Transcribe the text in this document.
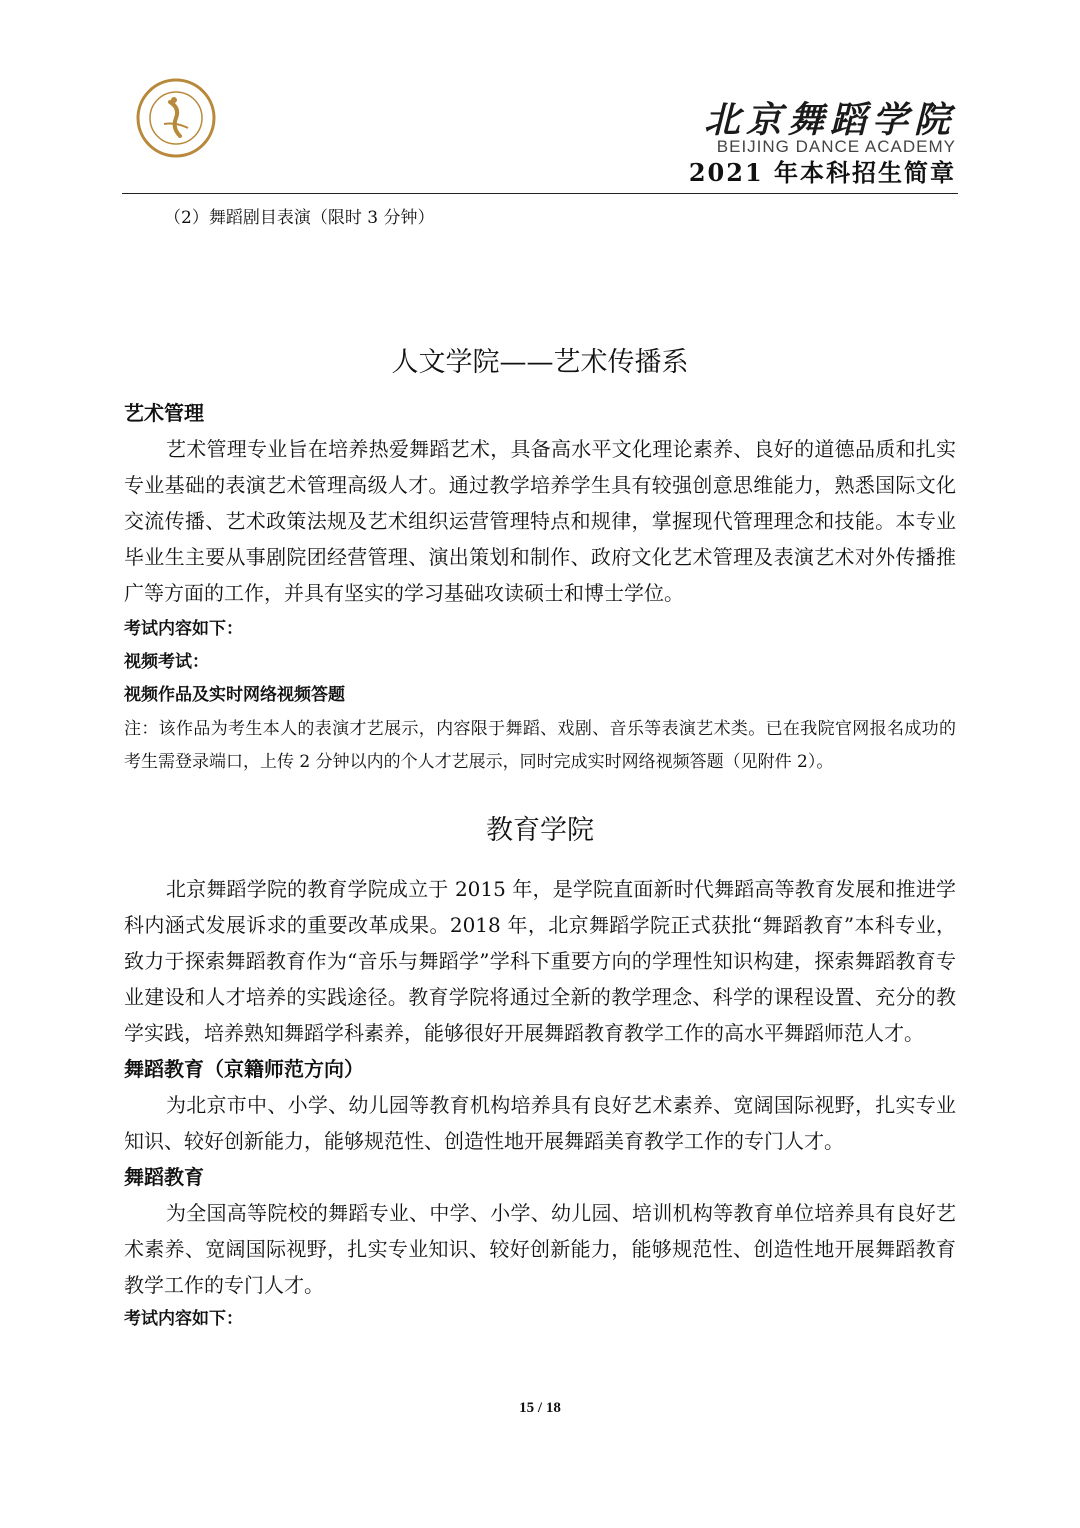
北京舞蹈学院
BEIJING DANCE ACADEMY
2021 年本科招生简章

（2）舞蹈剧目表演（限时 3 分钟）

人文学院——艺术传播系

艺术管理

艺术管理专业旨在培养热爱舞蹈艺术，具备高水平文化理论素养、良好的道德品质和扎实专业基础的表演艺术管理高级人才。通过教学培养学生具有较强创意思维能力，熟悉国际文化交流传播、艺术政策法规及艺术组织运营管理特点和规律，掌握现代管理理念和技能。本专业毕业生主要从事剧院团经营管理、演出策划和制作、政府文化艺术管理及表演艺术对外传播推广等方面的工作，并具有坚实的学习基础攻读硕士和博士学位。

考试内容如下：

视频考试：

视频作品及实时网络视频答题

注：该作品为考生本人的表演才艺展示，内容限于舞蹈、戏剧、音乐等表演艺术类。已在我院官网报名成功的考生需登录端口，上传 2 分钟以内的个人才艺展示，同时完成实时网络视频答题（见附件 2）。

教育学院

北京舞蹈学院的教育学院成立于 2015 年，是学院直面新时代舞蹈高等教育发展和推进学科内涵式发展诉求的重要改革成果。2018 年，北京舞蹈学院正式获批“舞蹈教育”本科专业，致力于探索舞蹈教育作为“音乐与舞蹈学”学科下重要方向的学理性知识构建，探索舞蹈教育专业建设和人才培养的实践途径。教育学院将通过全新的教学理念、科学的课程设置、充分的教学实践，培养熟知舞蹈学科素养，能够很好开展舞蹈教育教学工作的高水平舞蹈师范人才。

舞蹈教育（京籍师范方向）

为北京市中、小学、幼儿园等教育机构培养具有良好艺术素养、宽阔国际视野，扎实专业知识、较好创新能力，能够规范性、创造性地开展舞蹈美育教学工作的专门人才。

舞蹈教育

为全国高等院校的舞蹈专业、中学、小学、幼儿园、培训机构等教育单位培养具有良好艺术素养、宽阔国际视野，扎实专业知识、较好创新能力，能够规范性、创造性地开展舞蹈教育教学工作的专门人才。

考试内容如下：

15 / 18
